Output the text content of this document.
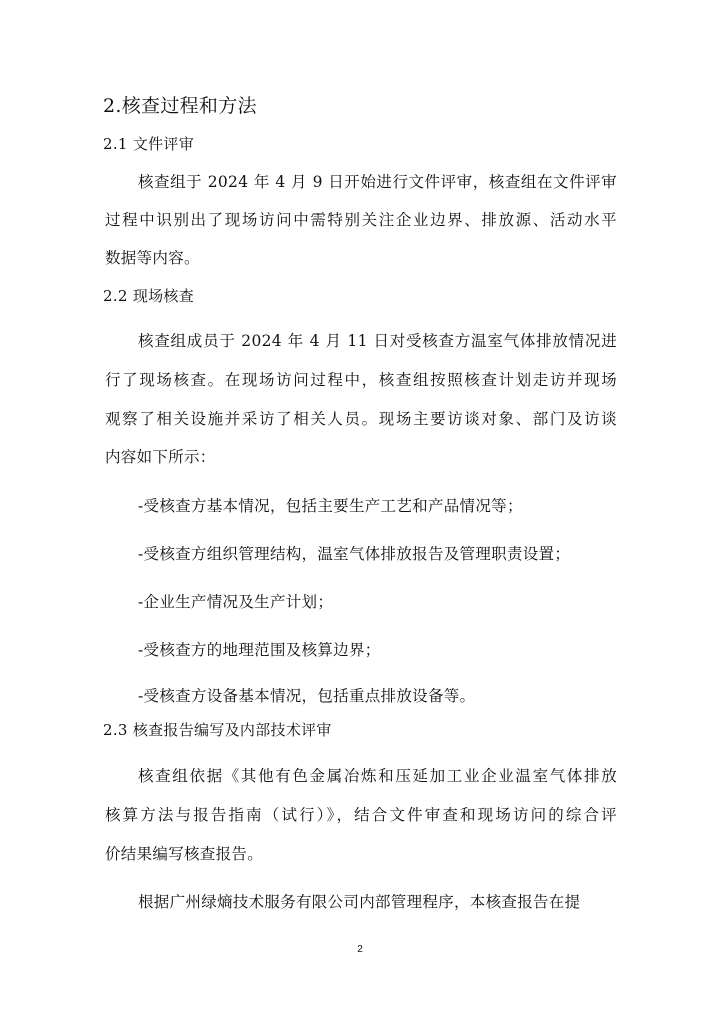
2.核查过程和方法
2.1 文件评审
核查组于 2024 年 4 月 9 日开始进行文件评审，核查组在文件评审
过程中识别出了现场访问中需特别关注企业边界、排放源、活动水平
数据等内容。
2.2 现场核查
核查组成员于 2024 年 4 月 11 日对受核查方温室气体排放情况进
行了现场核查。在现场访问过程中，核查组按照核查计划走访并现场
观察了相关设施并采访了相关人员。现场主要访谈对象、部门及访谈
内容如下所示：
-受核查方基本情况，包括主要生产工艺和产品情况等；
-受核查方组织管理结构，温室气体排放报告及管理职责设置；
-企业生产情况及生产计划；
-受核查方的地理范围及核算边界；
-受核查方设备基本情况，包括重点排放设备等。
2.3 核查报告编写及内部技术评审
核查组依据《其他有色金属冶炼和压延加工业企业温室气体排放
核算方法与报告指南（试行）》，结合文件审查和现场访问的综合评
价结果编写核查报告。
根据广州绿熵技术服务有限公司内部管理程序，本核查报告在提
2
